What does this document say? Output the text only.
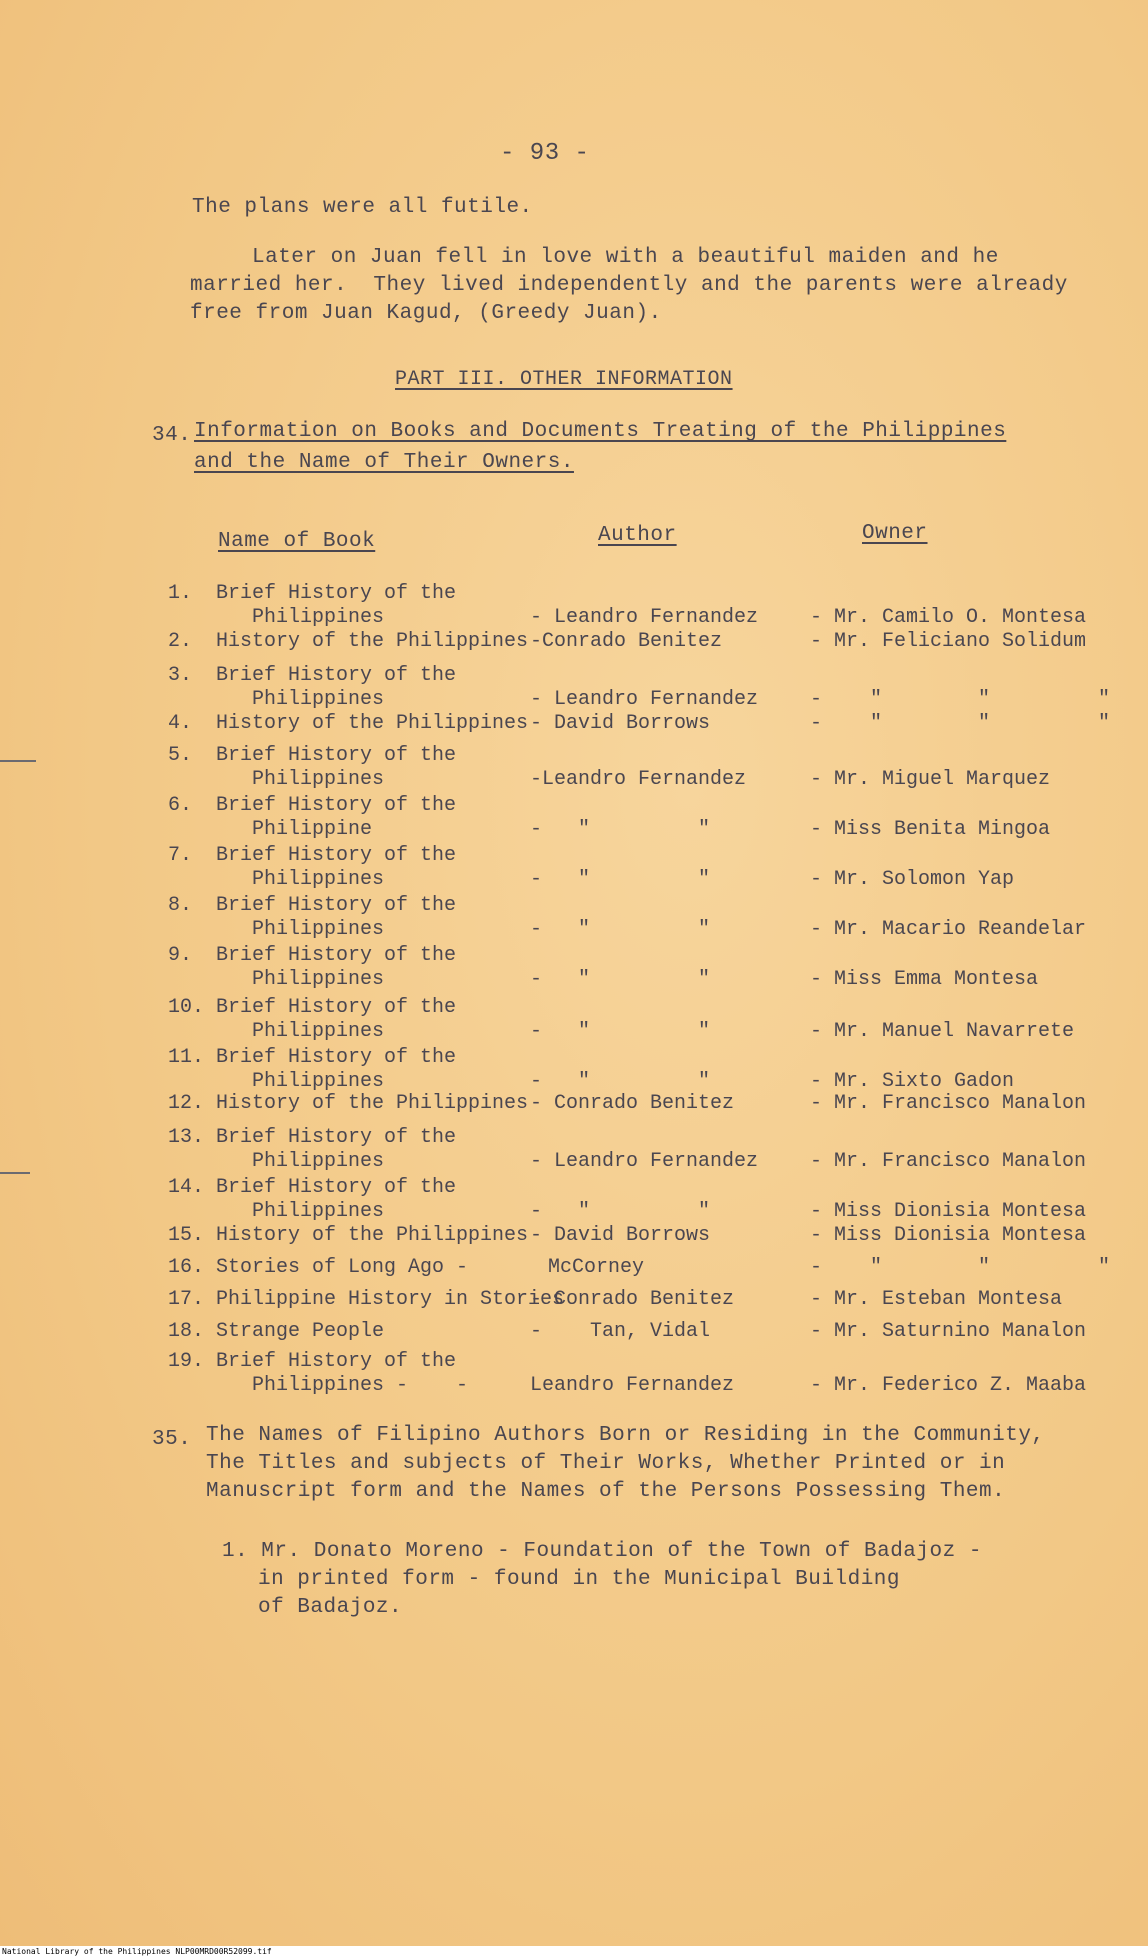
- 93 -
The plans were all futile.
Later on Juan fell in love with a beautiful maiden and he
married her.  They lived independently and the parents were already
free from Juan Kagud, (Greedy Juan).
PART III. OTHER INFORMATION
34. Information on Books and Documents Treating of the Philippines
and the Name of Their Owners.
Name of Book	Author	Owner
1. Brief History of the
Philippines	- Leandro Fernandez	- Mr. Camilo O. Montesa
2. History of the Philippines -Conrado Benitez	- Mr. Feliciano Solidum
3. Brief History of the
Philippines	- Leandro Fernandez	-    "        "         "
4. History of the Philippines - David Borrows	-    "        "         "
5. Brief History of the
Philippines	-Leandro Fernandez	- Mr. Miguel Marquez
6. Brief History of the
Philippine	-   "         "	- Miss Benita Mingoa
7. Brief History of the
Philippines	-   "         "	- Mr. Solomon Yap
8. Brief History of the
Philippines	-   "         "	- Mr. Macario Reandelar
9. Brief History of the
Philippines	-   "         "	- Miss Emma Montesa
10. Brief History of the
Philippines	-   "         "	- Mr. Manuel Navarrete
11. Brief History of the
Philippines	-   "         "	- Mr. Sixto Gadon
12. History of the Philippines - Conrado Benitez	- Mr. Francisco Manalon
13. Brief History of the
Philippines	- Leandro Fernandez	- Mr. Francisco Manalon
14. Brief History of the
Philippines	-   "         "	- Miss Dionisia Montesa
15. History of the Philippines - David Borrows	- Miss Dionisia Montesa
16. Stories of Long Ago -	McCorney	-    "        "         "
17. Philippine History in Stories
- Conrado Benitez	- Mr. Esteban Montesa
18. Strange People	-    Tan, Vidal	- Mr. Saturnino Manalon
19. Brief History of the
Philippines -    -	Leandro Fernandez	- Mr. Federico Z. Maaba
35. The Names of Filipino Authors Born or Residing in the Community,
The Titles and subjects of Their Works, Whether Printed or in
Manuscript form and the Names of the Persons Possessing Them.
1. Mr. Donato Moreno - Foundation of the Town of Badajoz -
in printed form - found in the Municipal Building
of Badajoz.
National Library of the Philippines NLP00MRD00R52099.tif
